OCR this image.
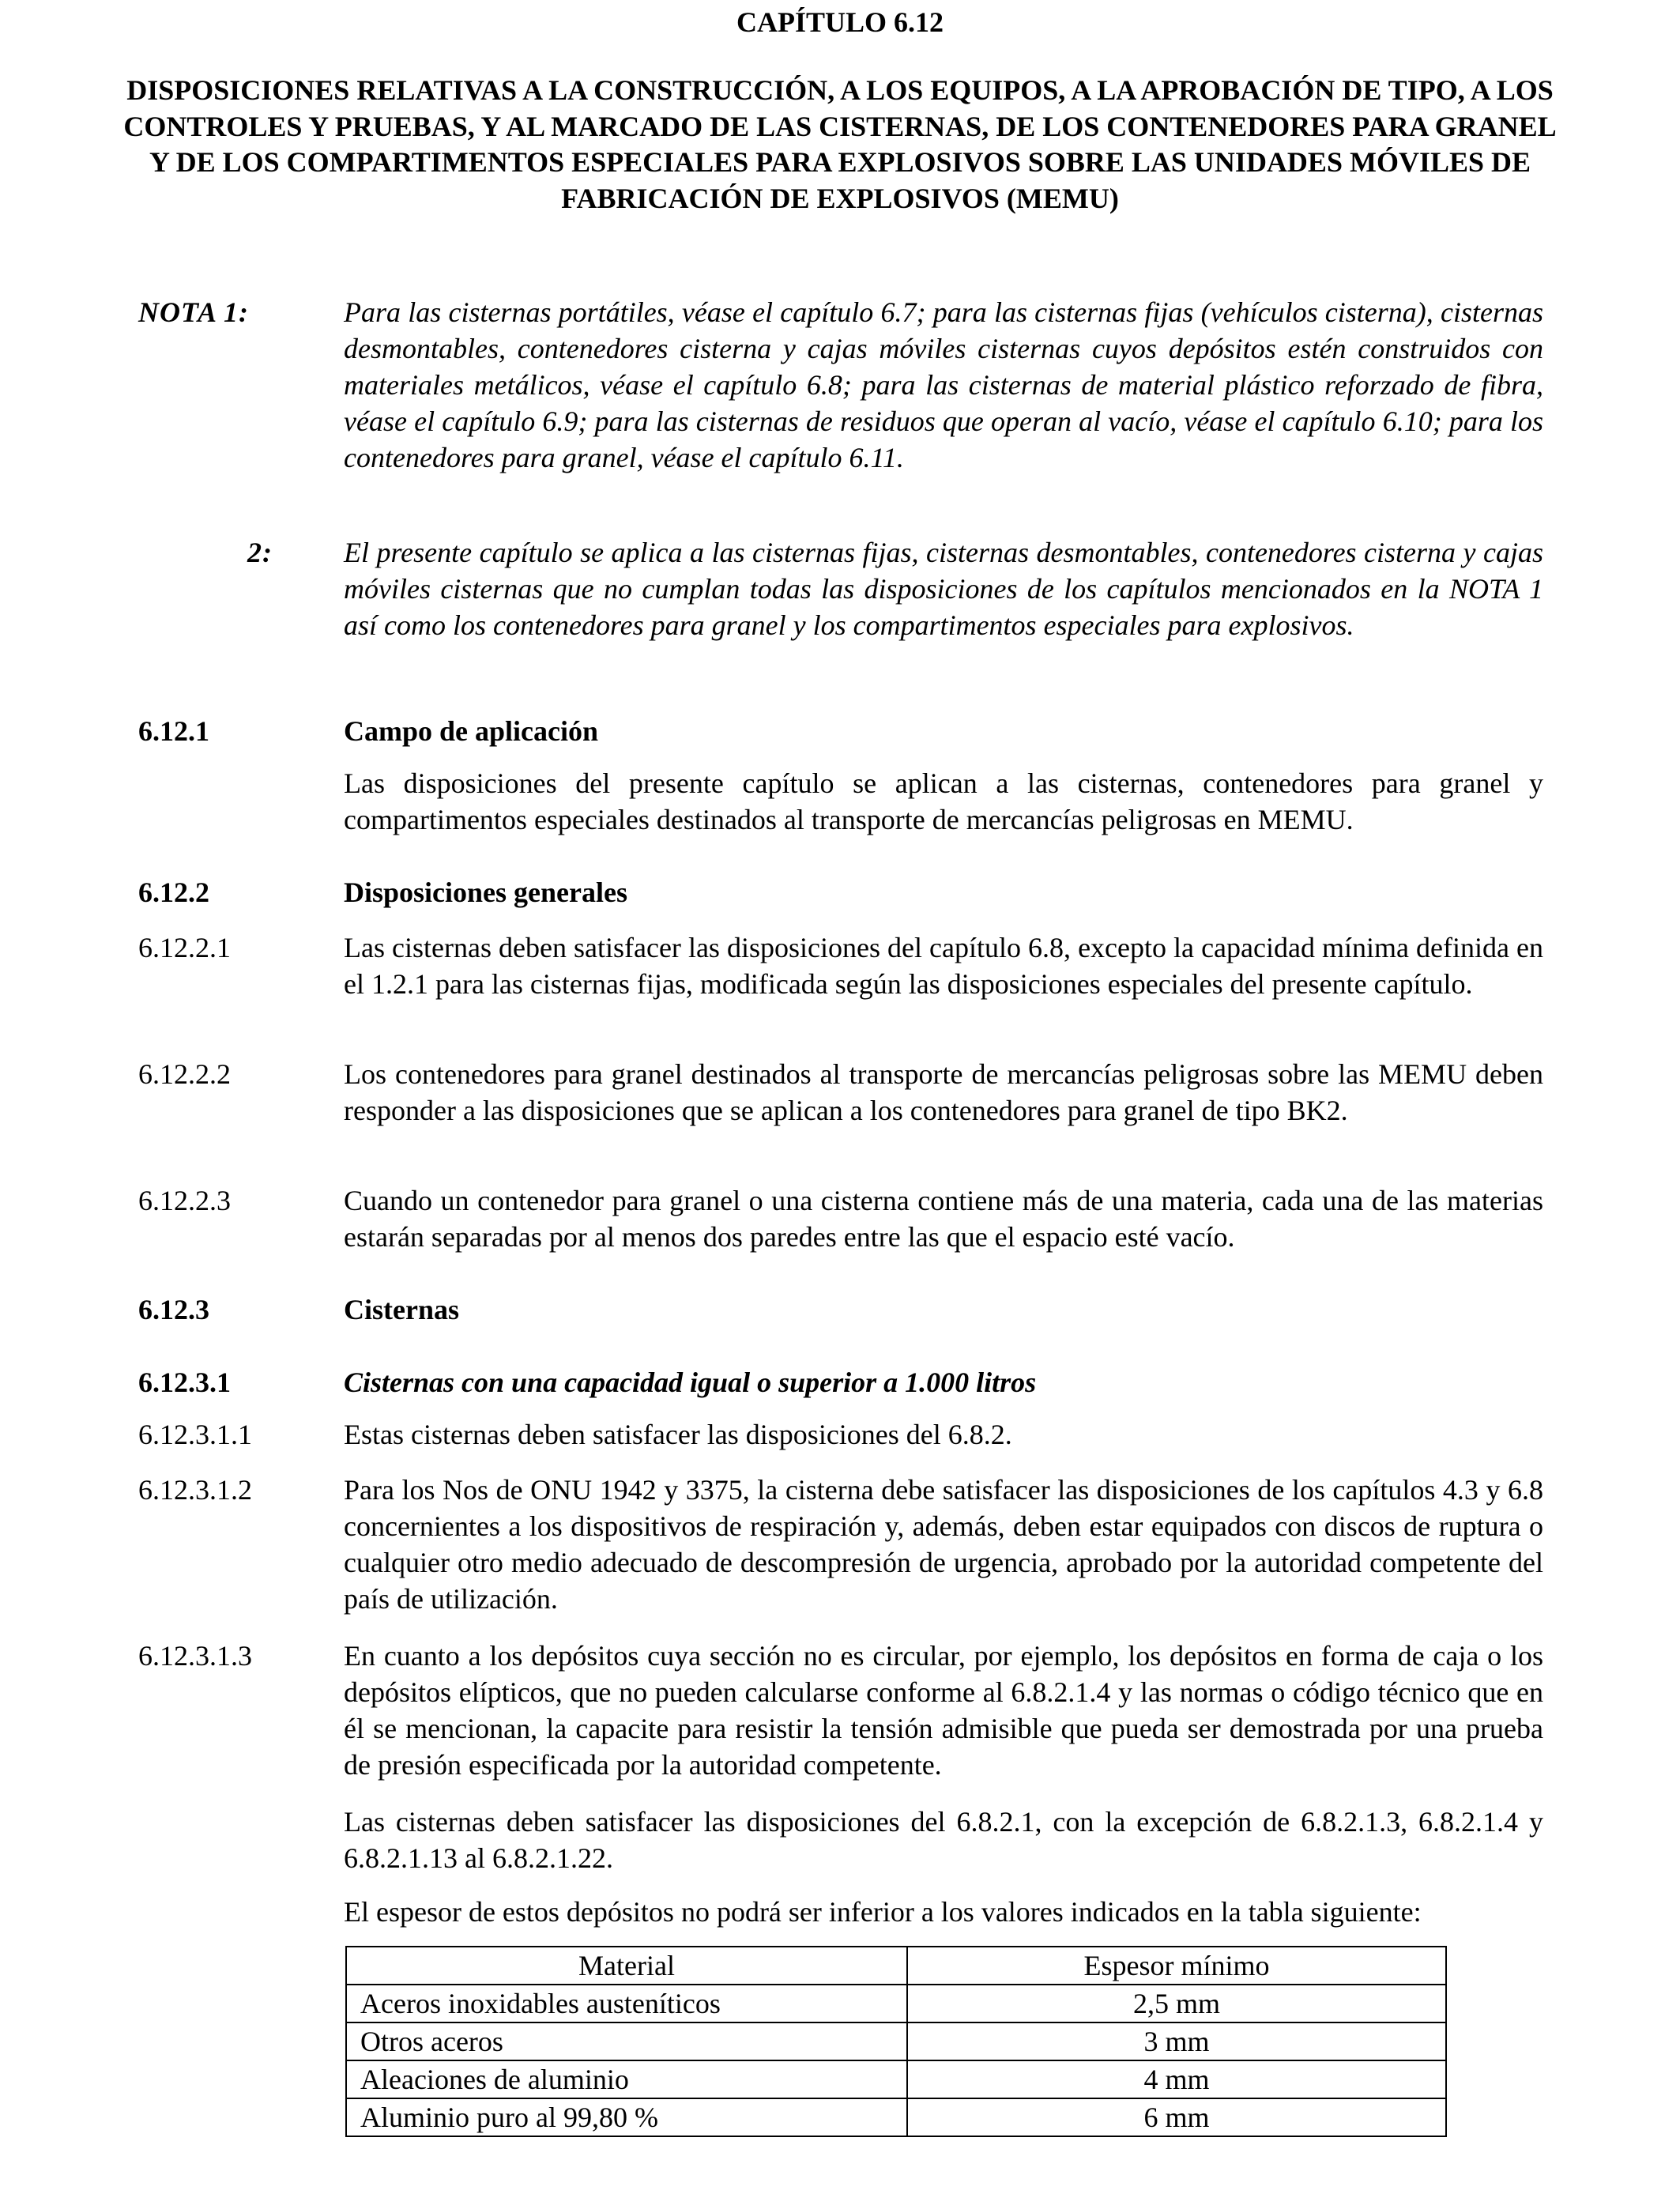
CAPÍTULO 6.12
DISPOSICIONES RELATIVAS A LA CONSTRUCCIÓN, A LOS EQUIPOS, A LA APROBACIÓN DE TIPO, A LOS CONTROLES Y PRUEBAS, Y AL MARCADO DE LAS CISTERNAS, DE LOS CONTENEDORES PARA GRANEL Y DE LOS COMPARTIMENTOS ESPECIALES PARA EXPLOSIVOS SOBRE LAS UNIDADES MÓVILES DE FABRICACIÓN DE EXPLOSIVOS (MEMU)
NOTA 1:	Para las cisternas portátiles, véase el capítulo 6.7; para las cisternas fijas (vehículos cisterna), cisternas desmontables, contenedores cisterna y cajas móviles cisternas cuyos depósitos estén construidos con materiales metálicos, véase el capítulo 6.8; para las cisternas de material plástico reforzado de fibra, véase el capítulo 6.9; para las cisternas de residuos que operan al vacío, véase el capítulo 6.10; para los contenedores para granel, véase el capítulo 6.11.
2:	El presente capítulo se aplica a las cisternas fijas, cisternas desmontables, contenedores cisterna y cajas móviles cisternas que no cumplan todas las disposiciones de los capítulos mencionados en la NOTA 1 así como los contenedores para granel y los compartimentos especiales para explosivos.
6.12.1	Campo de aplicación
Las disposiciones del presente capítulo se aplican a las cisternas, contenedores para granel y compartimentos especiales destinados al transporte de mercancías peligrosas en MEMU.
6.12.2	Disposiciones generales
6.12.2.1	Las cisternas deben satisfacer las disposiciones del capítulo 6.8, excepto la capacidad mínima definida en el 1.2.1 para las cisternas fijas, modificada según las disposiciones especiales del presente capítulo.
6.12.2.2	Los contenedores para granel destinados al transporte de mercancías peligrosas sobre las MEMU deben responder a las disposiciones que se aplican a los contenedores para granel de tipo BK2.
6.12.2.3	Cuando un contenedor para granel o una cisterna contiene más de una materia, cada una de las materias estarán separadas por al menos dos paredes entre las que el espacio esté vacío.
6.12.3	Cisternas
6.12.3.1	Cisternas con una capacidad igual o superior a 1.000 litros
6.12.3.1.1	Estas cisternas deben satisfacer las disposiciones del 6.8.2.
6.12.3.1.2	Para los Nos de ONU 1942 y 3375, la cisterna debe satisfacer las disposiciones de los capítulos 4.3 y 6.8 concernientes a los dispositivos de respiración y, además, deben estar equipados con discos de ruptura o cualquier otro medio adecuado de descompresión de urgencia, aprobado por la autoridad competente del país de utilización.
6.12.3.1.3	En cuanto a los depósitos cuya sección no es circular, por ejemplo, los depósitos en forma de caja o los depósitos elípticos, que no pueden calcularse conforme al 6.8.2.1.4 y las normas o código técnico que en él se mencionan, la capacite para resistir la tensión admisible que pueda ser demostrada por una prueba de presión especificada por la autoridad competente.
Las cisternas deben satisfacer las disposiciones del 6.8.2.1, con la excepción de 6.8.2.1.3, 6.8.2.1.4 y 6.8.2.1.13 al 6.8.2.1.22.
El espesor de estos depósitos no podrá ser inferior a los valores indicados en la tabla siguiente:
Material	Espesor mínimo
Aceros inoxidables austeníticos	2,5 mm
Otros aceros	3 mm
Aleaciones de aluminio	4 mm
Aluminio puro al 99,80 %	6 mm
